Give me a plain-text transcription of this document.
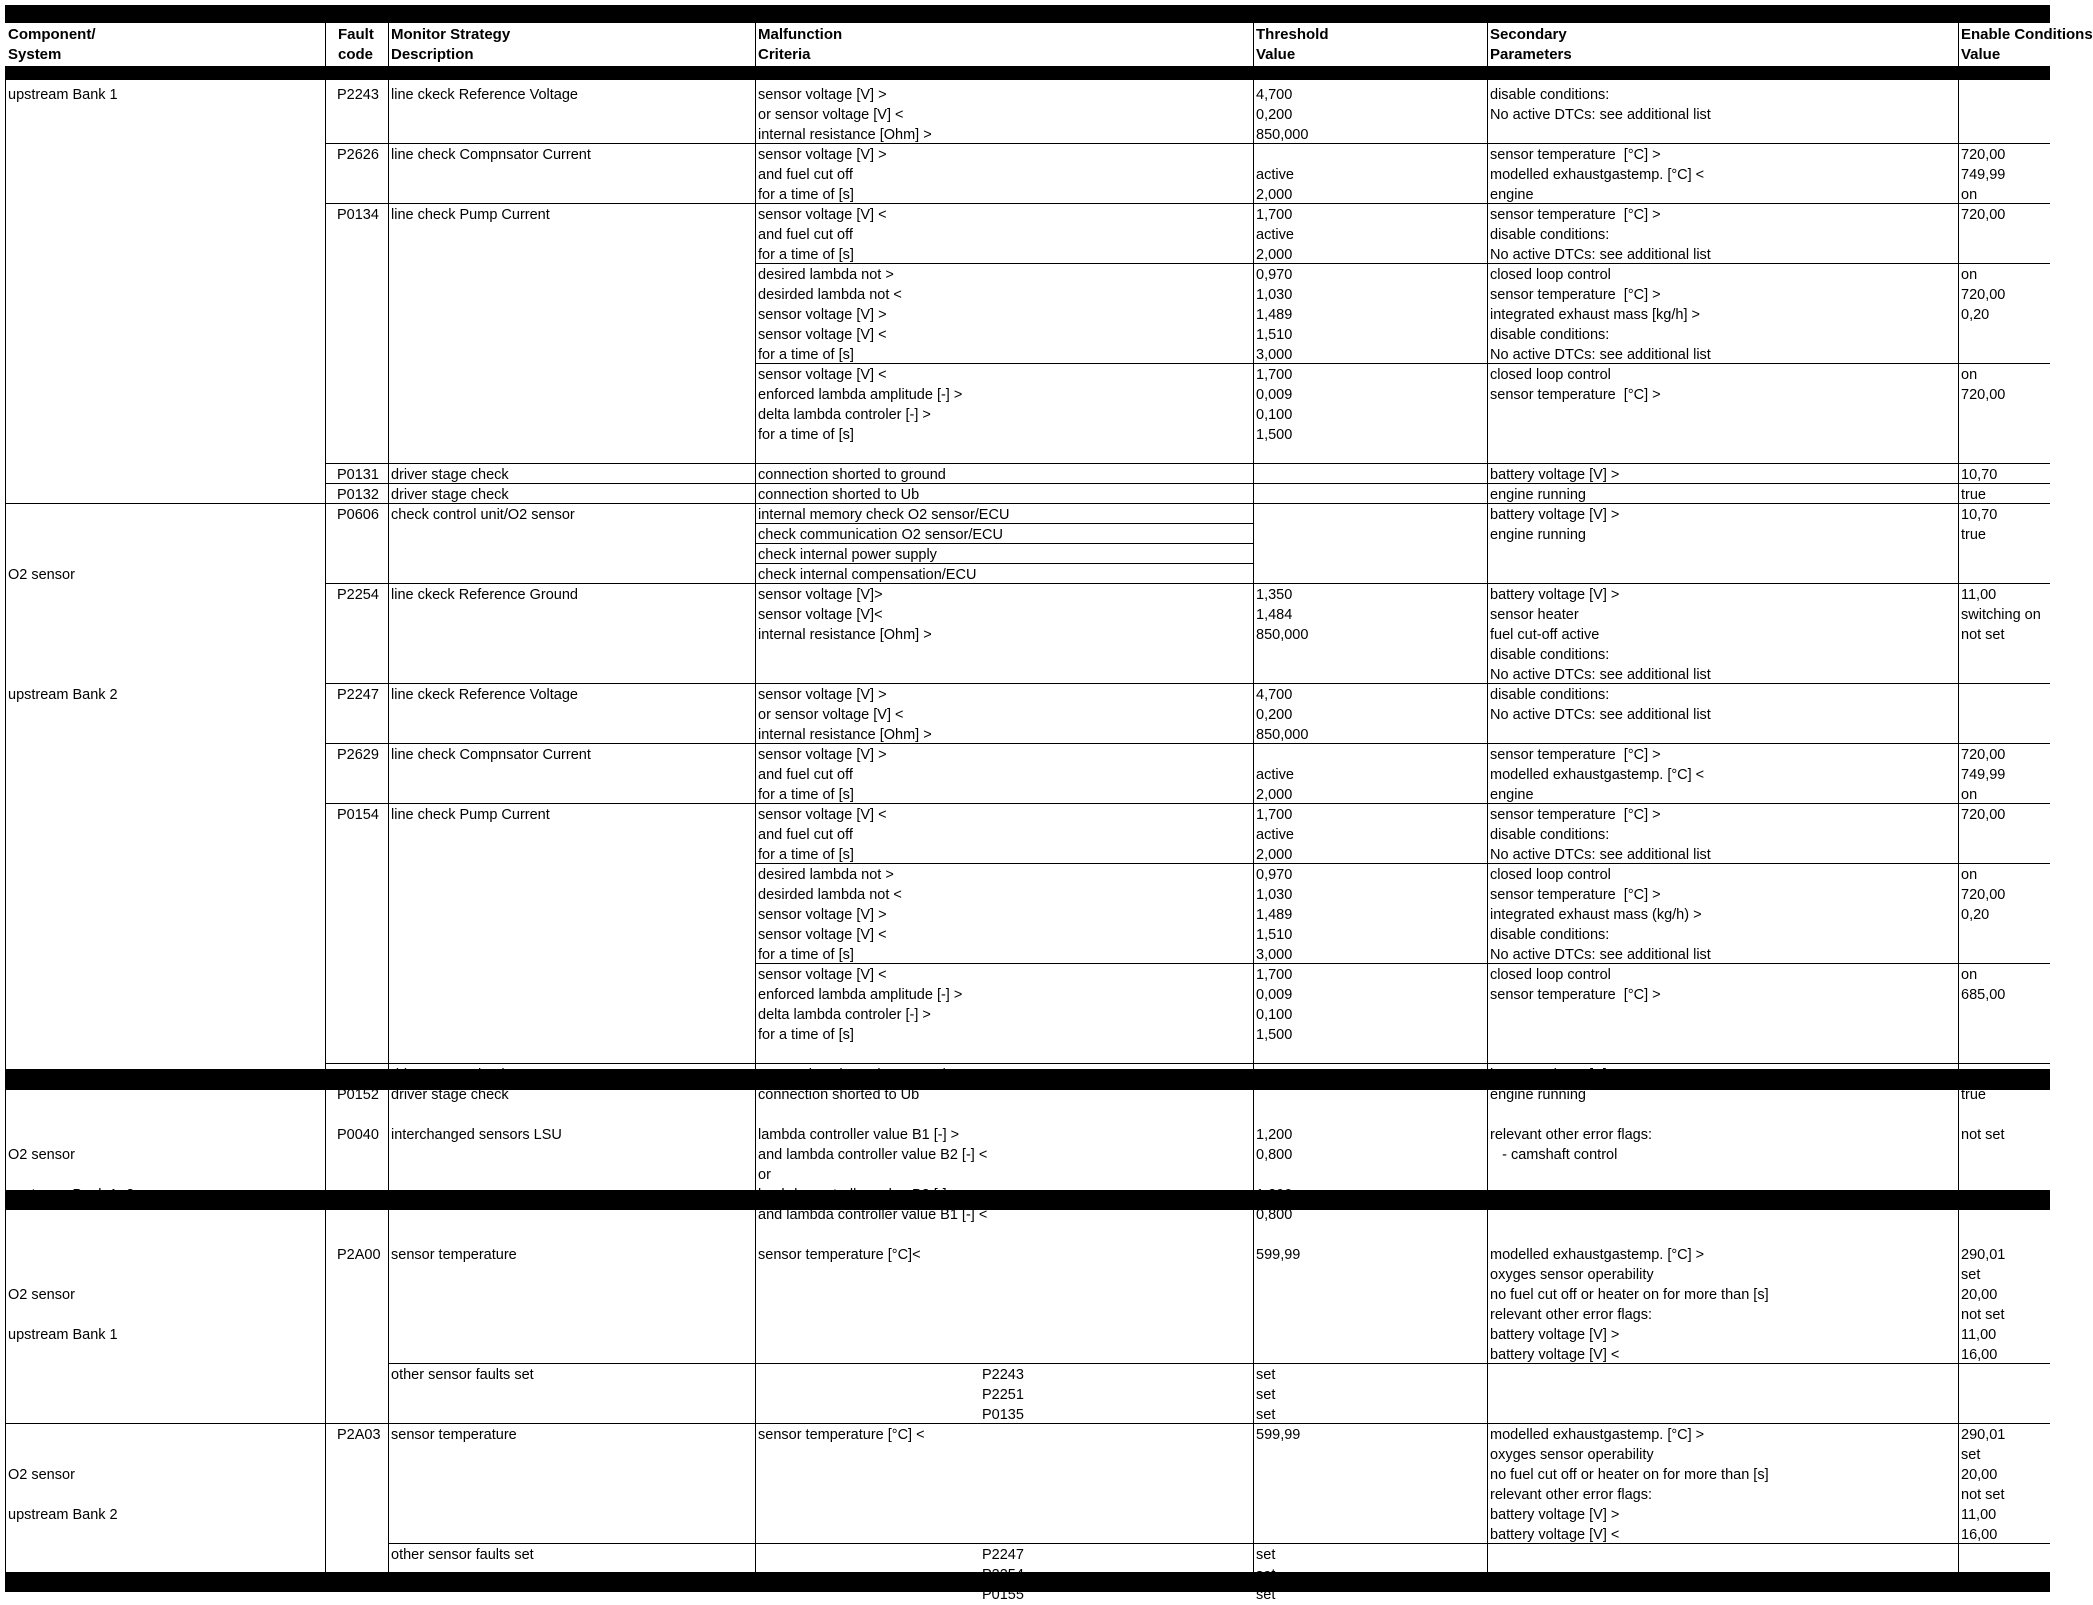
Component/
System
Fault
code
Monitor Strategy
Description
Malfunction
Criteria
Threshold
Value
Secondary
Parameters
Enable Conditions
Value
upstream Bank 1
O2 sensor
upstream Bank 2
P2243
P2626
P0134
P0131
P0132
P0606
P2254
P2247
P2629
P0154
P0151
P0152
line ckeck Reference Voltage
line check Compnsator Current
line check Pump Current
driver stage check
driver stage check
check control unit/O2 sensor
line ckeck Reference Ground
line ckeck Reference Voltage
line check Compnsator Current
line check Pump Current
driver stage check
driver stage check
sensor voltage [V] >
or sensor voltage [V] <
internal resistance [Ohm] >
sensor voltage [V] >
and fuel cut off
for a time of [s]
sensor voltage [V] <
and fuel cut off
for a time of [s]
desired lambda not >
desirded lambda not <
sensor voltage [V] >
sensor voltage [V] <
for a time of [s]
sensor voltage [V] <
enforced lambda amplitude [-] >
delta lambda controler [-] >
for a time of [s]
connection shorted to ground
connection shorted to Ub
internal memory check O2 sensor/ECU
check communication O2 sensor/ECU
check internal power supply
check internal compensation/ECU
sensor voltage [V]>
sensor voltage [V]<
internal resistance [Ohm] >
sensor voltage [V] >
or sensor voltage [V] <
internal resistance [Ohm] >
sensor voltage [V] >
and fuel cut off
for a time of [s]
sensor voltage [V] <
and fuel cut off
for a time of [s]
desired lambda not >
desirded lambda not <
sensor voltage [V] >
sensor voltage [V] <
for a time of [s]
sensor voltage [V] <
enforced lambda amplitude [-] >
delta lambda controler [-] >
for a time of [s]
connection shorted to ground
connection shorted to Ub
4,700
0,200
850,000
active
2,000
1,700
active
2,000
0,970
1,030
1,489
1,510
3,000
1,700
0,009
0,100
1,500
1,350
1,484
850,000
4,700
0,200
850,000
active
2,000
1,700
active
2,000
0,970
1,030
1,489
1,510
3,000
1,700
0,009
0,100
1,500
disable conditions:
No active DTCs: see additional list
sensor temperature  [°C] >
modelled exhaustgastemp. [°C] <
engine
sensor temperature  [°C] >
disable conditions:
No active DTCs: see additional list
closed loop control
sensor temperature  [°C] >
integrated exhaust mass [kg/h] >
disable conditions:
No active DTCs: see additional list
closed loop control
sensor temperature  [°C] >
battery voltage [V] >
engine running
battery voltage [V] >
engine running
battery voltage [V] >
sensor heater
fuel cut-off active
disable conditions:
No active DTCs: see additional list
disable conditions:
No active DTCs: see additional list
sensor temperature  [°C] >
modelled exhaustgastemp. [°C] <
engine
sensor temperature  [°C] >
disable conditions:
No active DTCs: see additional list
closed loop control
sensor temperature  [°C] >
integrated exhaust mass (kg/h) >
disable conditions:
No active DTCs: see additional list
closed loop control
sensor temperature  [°C] >
battery voltage [V] >
engine running
720,00
749,99
on
720,00
on
720,00
0,20
on
720,00
10,70
true
10,70
true
11,00
switching on
not set
720,00
749,99
on
720,00
on
720,00
0,20
on
685,00
10,70
true
O2 sensor
upstream Bank 1+2
P0040 interchanged sensors LSU	lambda controller value B1 [-] >
and lambda controller value B2 [-] <
or
lambda controller value B2 [-] >
and lambda controller value B1 [-] <
1,200
0,800
1,200
0,800
relevant other error flags:
- camshaft control
not set
O2 sensor
upstream Bank 1
O2 sensor
upstream Bank 2
P2A00
P2A03
sensor temperature
other sensor faults set
sensor temperature
other sensor faults set
sensor temperature [°C]<
sensor temperature [°C] <
P2243
P2251
P0135
P2247
P2254
P0155
599,99
set
set
set
599,99
set
set
set
modelled exhaustgastemp. [°C] >
oxyges sensor operability
no fuel cut off or heater on for more than [s]
relevant other error flags:
battery voltage [V] >
battery voltage [V] <
modelled exhaustgastemp. [°C] >
oxyges sensor operability
no fuel cut off or heater on for more than [s]
relevant other error flags:
battery voltage [V] >
battery voltage [V] <
290,01
set
20,00
not set
11,00
16,00
290,01
set
20,00
not set
11,00
16,00
